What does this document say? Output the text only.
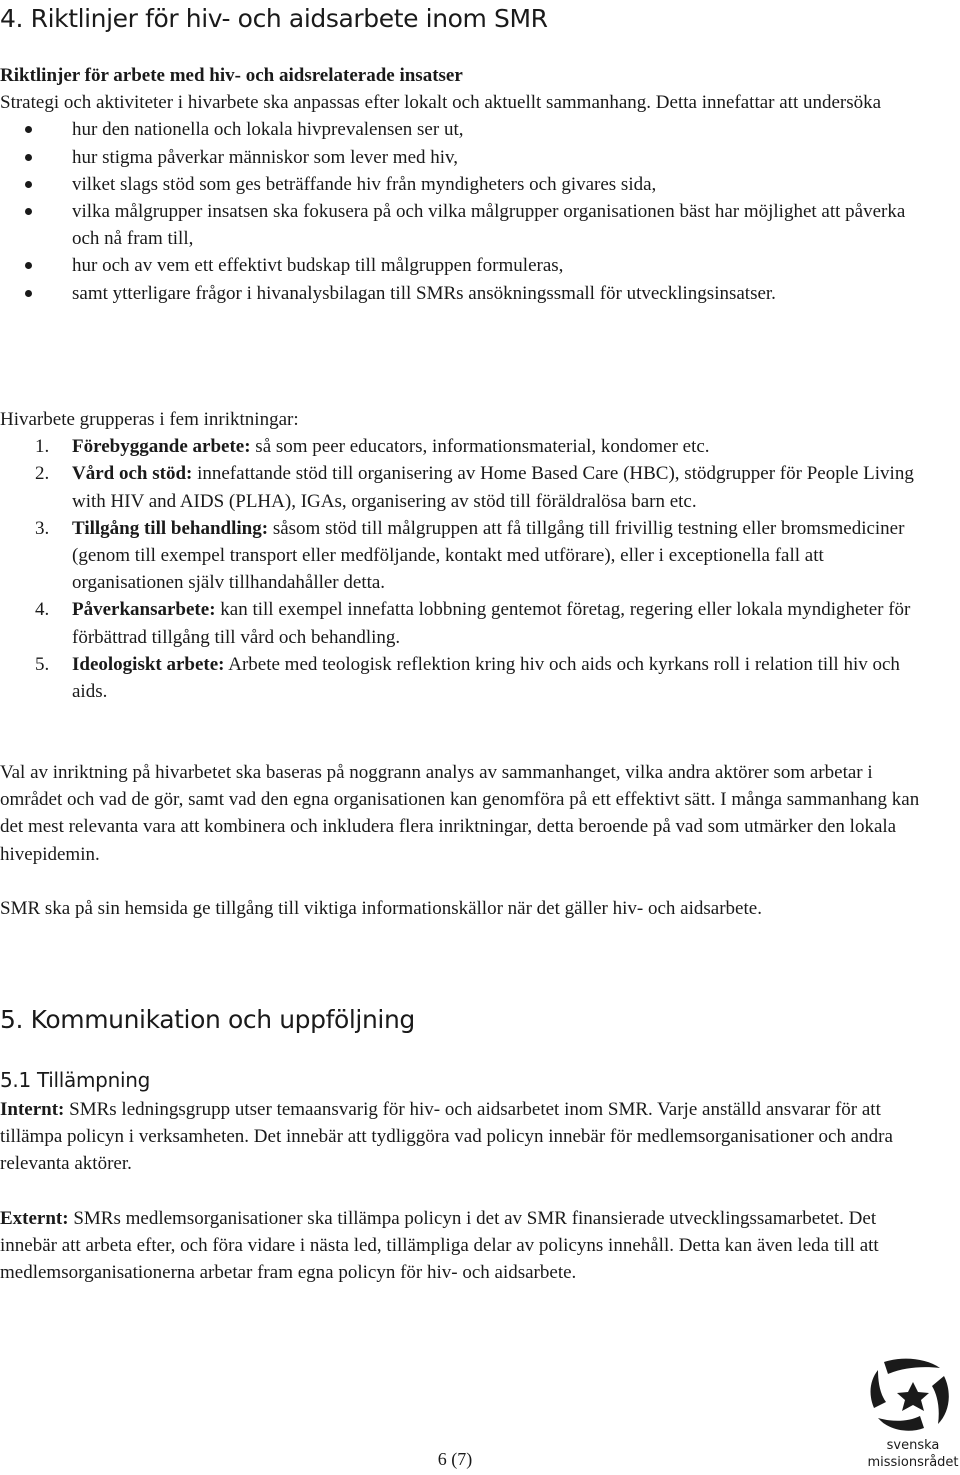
4. Riktlinjer för hiv- och aidsarbete inom SMR

Riktlinjer för arbete med hiv- och aidsrelaterade insatser

Strategi och aktiviteter i hivarbete ska anpassas efter lokalt och aktuellt sammanhang. Detta innefattar att undersöka

hur den nationella och lokala hivprevalensen ser ut,
hur stigma påverkar människor som lever med hiv,
vilket slags stöd som ges beträffande hiv från myndigheters och givares sida,
vilka målgrupper insatsen ska fokusera på och vilka målgrupper organisationen bäst har möjlighet att påverka och nå fram till,
hur och av vem ett effektivt budskap till målgruppen formuleras,
samt ytterligare frågor i hivanalysbilagan till SMRs ansökningssmall för utvecklingsinsatser.

Hivarbete grupperas i fem inriktningar:

1. Förebyggande arbete: så som peer educators, informationsmaterial, kondomer etc.
2. Vård och stöd: innefattande stöd till organisering av Home Based Care (HBC), stödgrupper för People Living with HIV and AIDS (PLHA), IGAs, organisering av stöd till föräldralösa barn etc.
3. Tillgång till behandling: såsom stöd till målgruppen att få tillgång till frivillig testning eller bromsmediciner (genom till exempel transport eller medföljande, kontakt med utförare), eller i exceptionella fall att organisationen själv tillhandahåller detta.
4. Påverkansarbete: kan till exempel innefatta lobbning gentemot företag, regering eller lokala myndigheter för förbättrad tillgång till vård och behandling.
5. Ideologiskt arbete: Arbete med teologisk reflektion kring hiv och aids och kyrkans roll i relation till hiv och aids.

Val av inriktning på hivarbetet ska baseras på noggrann analys av sammanhanget, vilka andra aktörer som arbetar i området och vad de gör, samt vad den egna organisationen kan genomföra på ett effektivt sätt. I många sammanhang kan det mest relevanta vara att kombinera och inkludera flera inriktningar, detta beroende på vad som utmärker den lokala hivepidemin.

SMR ska på sin hemsida ge tillgång till viktiga informationskällor när det gäller hiv- och aidsarbete.

5. Kommunikation och uppföljning
5.1 Tillämpning

Internt: SMRs ledningsgrupp utser temaansvarig för hiv- och aidsarbetet inom SMR. Varje anställd ansvarar för att tillämpa policyn i verksamheten. Det innebär att tydliggöra vad policyn innebär för medlemsorganisationer och andra relevanta aktörer.

Externt: SMRs medlemsorganisationer ska tillämpa policyn i det av SMR finansierade utvecklingssamarbetet. Det innebär att arbeta efter, och föra vidare i nästa led, tillämpliga delar av policyns innehåll. Detta kan även leda till att medlemsorganisationerna arbetar fram egna policyn för hiv- och aidsarbete.

6 (7)
svenska
missionsrådet
